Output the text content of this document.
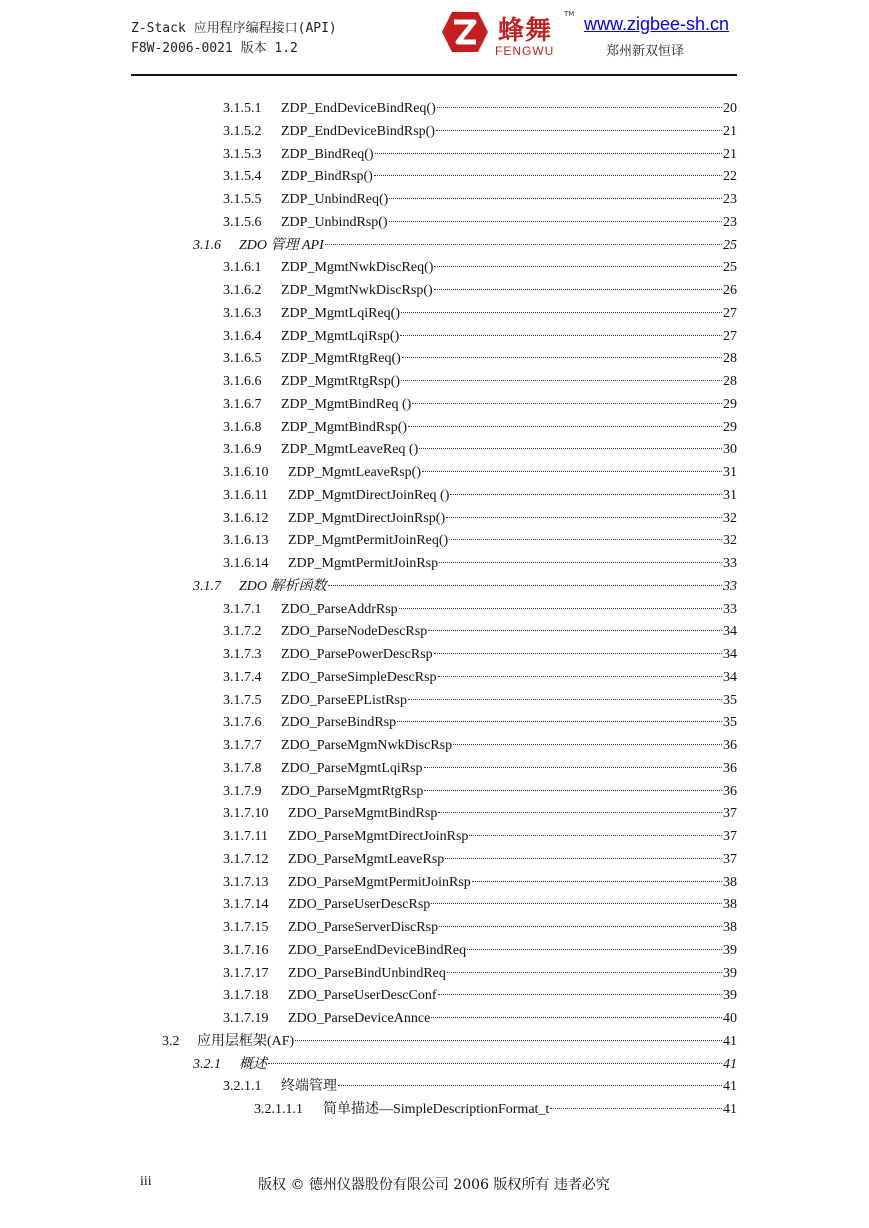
Z-Stack 应用程序编程接口(API)
F8W-2006-0021 版本 1.2
蜂舞
TM
FENGWU
www.zigbee-sh.cn
郑州新双恒译
3.1.5.1	ZDP_EndDeviceBindReq()	20
3.1.5.2	ZDP_EndDeviceBindRsp()	21
3.1.5.3	ZDP_BindReq()	21
3.1.5.4	ZDP_BindRsp()	22
3.1.5.5	ZDP_UnbindReq()	23
3.1.5.6	ZDP_UnbindRsp()	23
3.1.6	ZDO 管理 API	25
3.1.6.1	ZDP_MgmtNwkDiscReq()	25
3.1.6.2	ZDP_MgmtNwkDiscRsp()	26
3.1.6.3	ZDP_MgmtLqiReq()	27
3.1.6.4	ZDP_MgmtLqiRsp()	27
3.1.6.5	ZDP_MgmtRtgReq()	28
3.1.6.6	ZDP_MgmtRtgRsp()	28
3.1.6.7	ZDP_MgmtBindReq ()	29
3.1.6.8	ZDP_MgmtBindRsp()	29
3.1.6.9	ZDP_MgmtLeaveReq ()	30
3.1.6.10	ZDP_MgmtLeaveRsp()	31
3.1.6.11	ZDP_MgmtDirectJoinReq ()	31
3.1.6.12	ZDP_MgmtDirectJoinRsp()	32
3.1.6.13	ZDP_MgmtPermitJoinReq()	32
3.1.6.14	ZDP_MgmtPermitJoinRsp	33
3.1.7	ZDO 解析函数	33
3.1.7.1	ZDO_ParseAddrRsp	33
3.1.7.2	ZDO_ParseNodeDescRsp	34
3.1.7.3	ZDO_ParsePowerDescRsp	34
3.1.7.4	ZDO_ParseSimpleDescRsp	34
3.1.7.5	ZDO_ParseEPListRsp	35
3.1.7.6	ZDO_ParseBindRsp	35
3.1.7.7	ZDO_ParseMgmNwkDiscRsp	36
3.1.7.8	ZDO_ParseMgmtLqiRsp	36
3.1.7.9	ZDO_ParseMgmtRtgRsp	36
3.1.7.10	ZDO_ParseMgmtBindRsp	37
3.1.7.11	ZDO_ParseMgmtDirectJoinRsp	37
3.1.7.12	ZDO_ParseMgmtLeaveRsp	37
3.1.7.13	ZDO_ParseMgmtPermitJoinRsp	38
3.1.7.14	ZDO_ParseUserDescRsp	38
3.1.7.15	ZDO_ParseServerDiscRsp	38
3.1.7.16	ZDO_ParseEndDeviceBindReq	39
3.1.7.17	ZDO_ParseBindUnbindReq	39
3.1.7.18	ZDO_ParseUserDescConf	39
3.1.7.19	ZDO_ParseDeviceAnnce	40
3.2	应用层框架(AF)	41
3.2.1	概述	41
3.2.1.1	终端管理	41
3.2.1.1.1	简单描述—SimpleDescriptionFormat_t	41
iii	版权 © 德州仪器股份有限公司 2006 版权所有 违者必究
